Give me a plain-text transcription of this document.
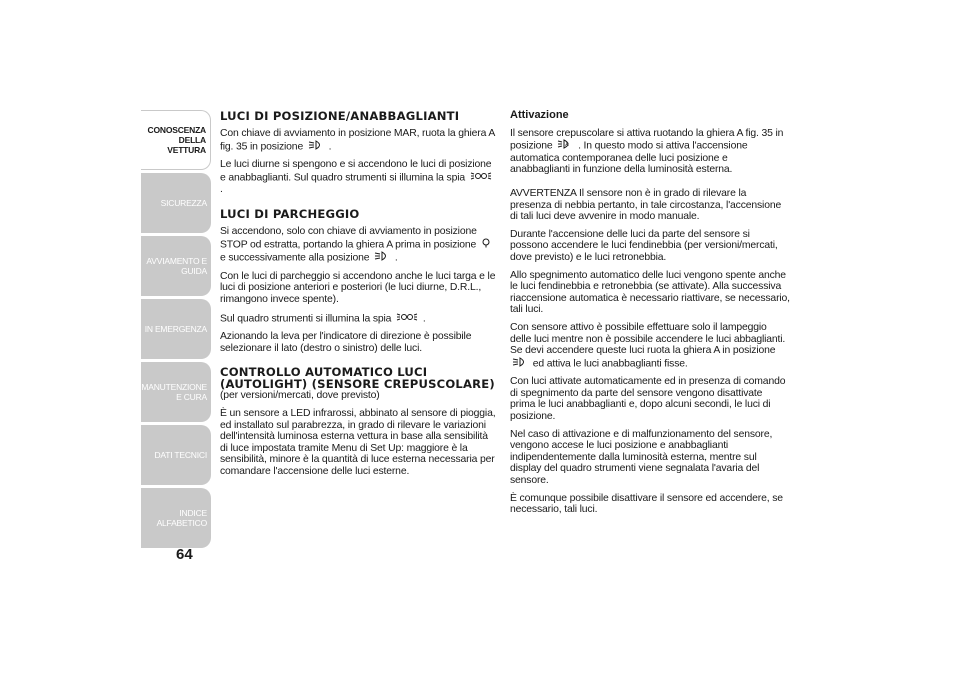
CONOSCENZA DELLA VETTURA
SICUREZZA
AVVIAMENTO E GUIDA
IN EMERGENZA
MANUTENZIONE E CURA
DATI TECNICI
INDICE ALFABETICO
64
LUCI DI POSIZIONE/ANABBAGLIANTI

Con chiave di avviamento in posizione MAR, ruota la ghiera A fig. 35 in posizione .

Le luci diurne si spengono e si accendono le luci di posizione e anabbaglianti. Sul quadro strumenti si illumina la spia  .

LUCI DI PARCHEGGIO

Si accendono, solo con chiave di avviamento in posizione STOP od estratta, portando la ghiera A prima in posizione  e successivamente alla posizione .

Con le luci di parcheggio si accendono anche le luci targa e le luci di posizione anteriori e posteriori (le luci diurne, D.R.L., rimangono invece spente).

Sul quadro strumenti si illumina la spia	.

Azionando la leva per l'indicatore di direzione è possibile selezionare il lato (destro o sinistro) delle luci.

CONTROLLO AUTOMATICO LUCI
(AUTOLIGHT) (SENSORE CREPUSCOLARE)

(per versioni/mercati, dove previsto)

È un sensore a LED infrarossi, abbinato al sensore di pioggia, ed installato sul parabrezza, in grado di rilevare le variazioni dell'intensità luminosa esterna vettura in base alla sensibilità di luce impostata tramite Menu di Set Up: maggiore è la sensibilità, minore è la quantità di luce esterna necessaria per comandare l'accensione delle luci esterne.

Attivazione

Il sensore crepuscolare si attiva ruotando la ghiera A fig. 35 in posizione	A . In questo modo si attiva l'accensione automatica contemporanea delle luci posizione e anabbaglianti in funzione della luminosità esterna.

AVVERTENZA Il sensore non è in grado di rilevare la presenza di nebbia pertanto, in tale circostanza, l'accensione di tali luci deve avvenire in modo manuale.

Durante l'accensione delle luci da parte del sensore si possono accendere le luci fendinebbia (per versioni/mercati, dove previsto) e le luci retronebbia.

Allo spegnimento automatico delle luci vengono spente anche le luci fendinebbia e retronebbia (se attivate). Alla successiva riaccensione automatica è necessario riattivare, se necessario, tali luci.

Con sensore attivo è possibile effettuare solo il lampeggio delle luci mentre non è possibile accendere le luci abbaglianti. Se devi accendere queste luci ruota la ghiera A in posizione  ed attiva le luci anabbaglianti fisse.

Con luci attivate automaticamente ed in presenza di comando di spegnimento da parte del sensore vengono disattivate prima le luci anabbaglianti e, dopo alcuni secondi, le luci di posizione.

Nel caso di attivazione e di malfunzionamento del sensore, vengono accese le luci posizione e anabbaglianti indipendentemente dalla luminosità esterna, mentre sul display del quadro strumenti viene segnalata l'avaria del sensore.

È comunque possibile disattivare il sensore ed accendere, se necessario, tali luci.
